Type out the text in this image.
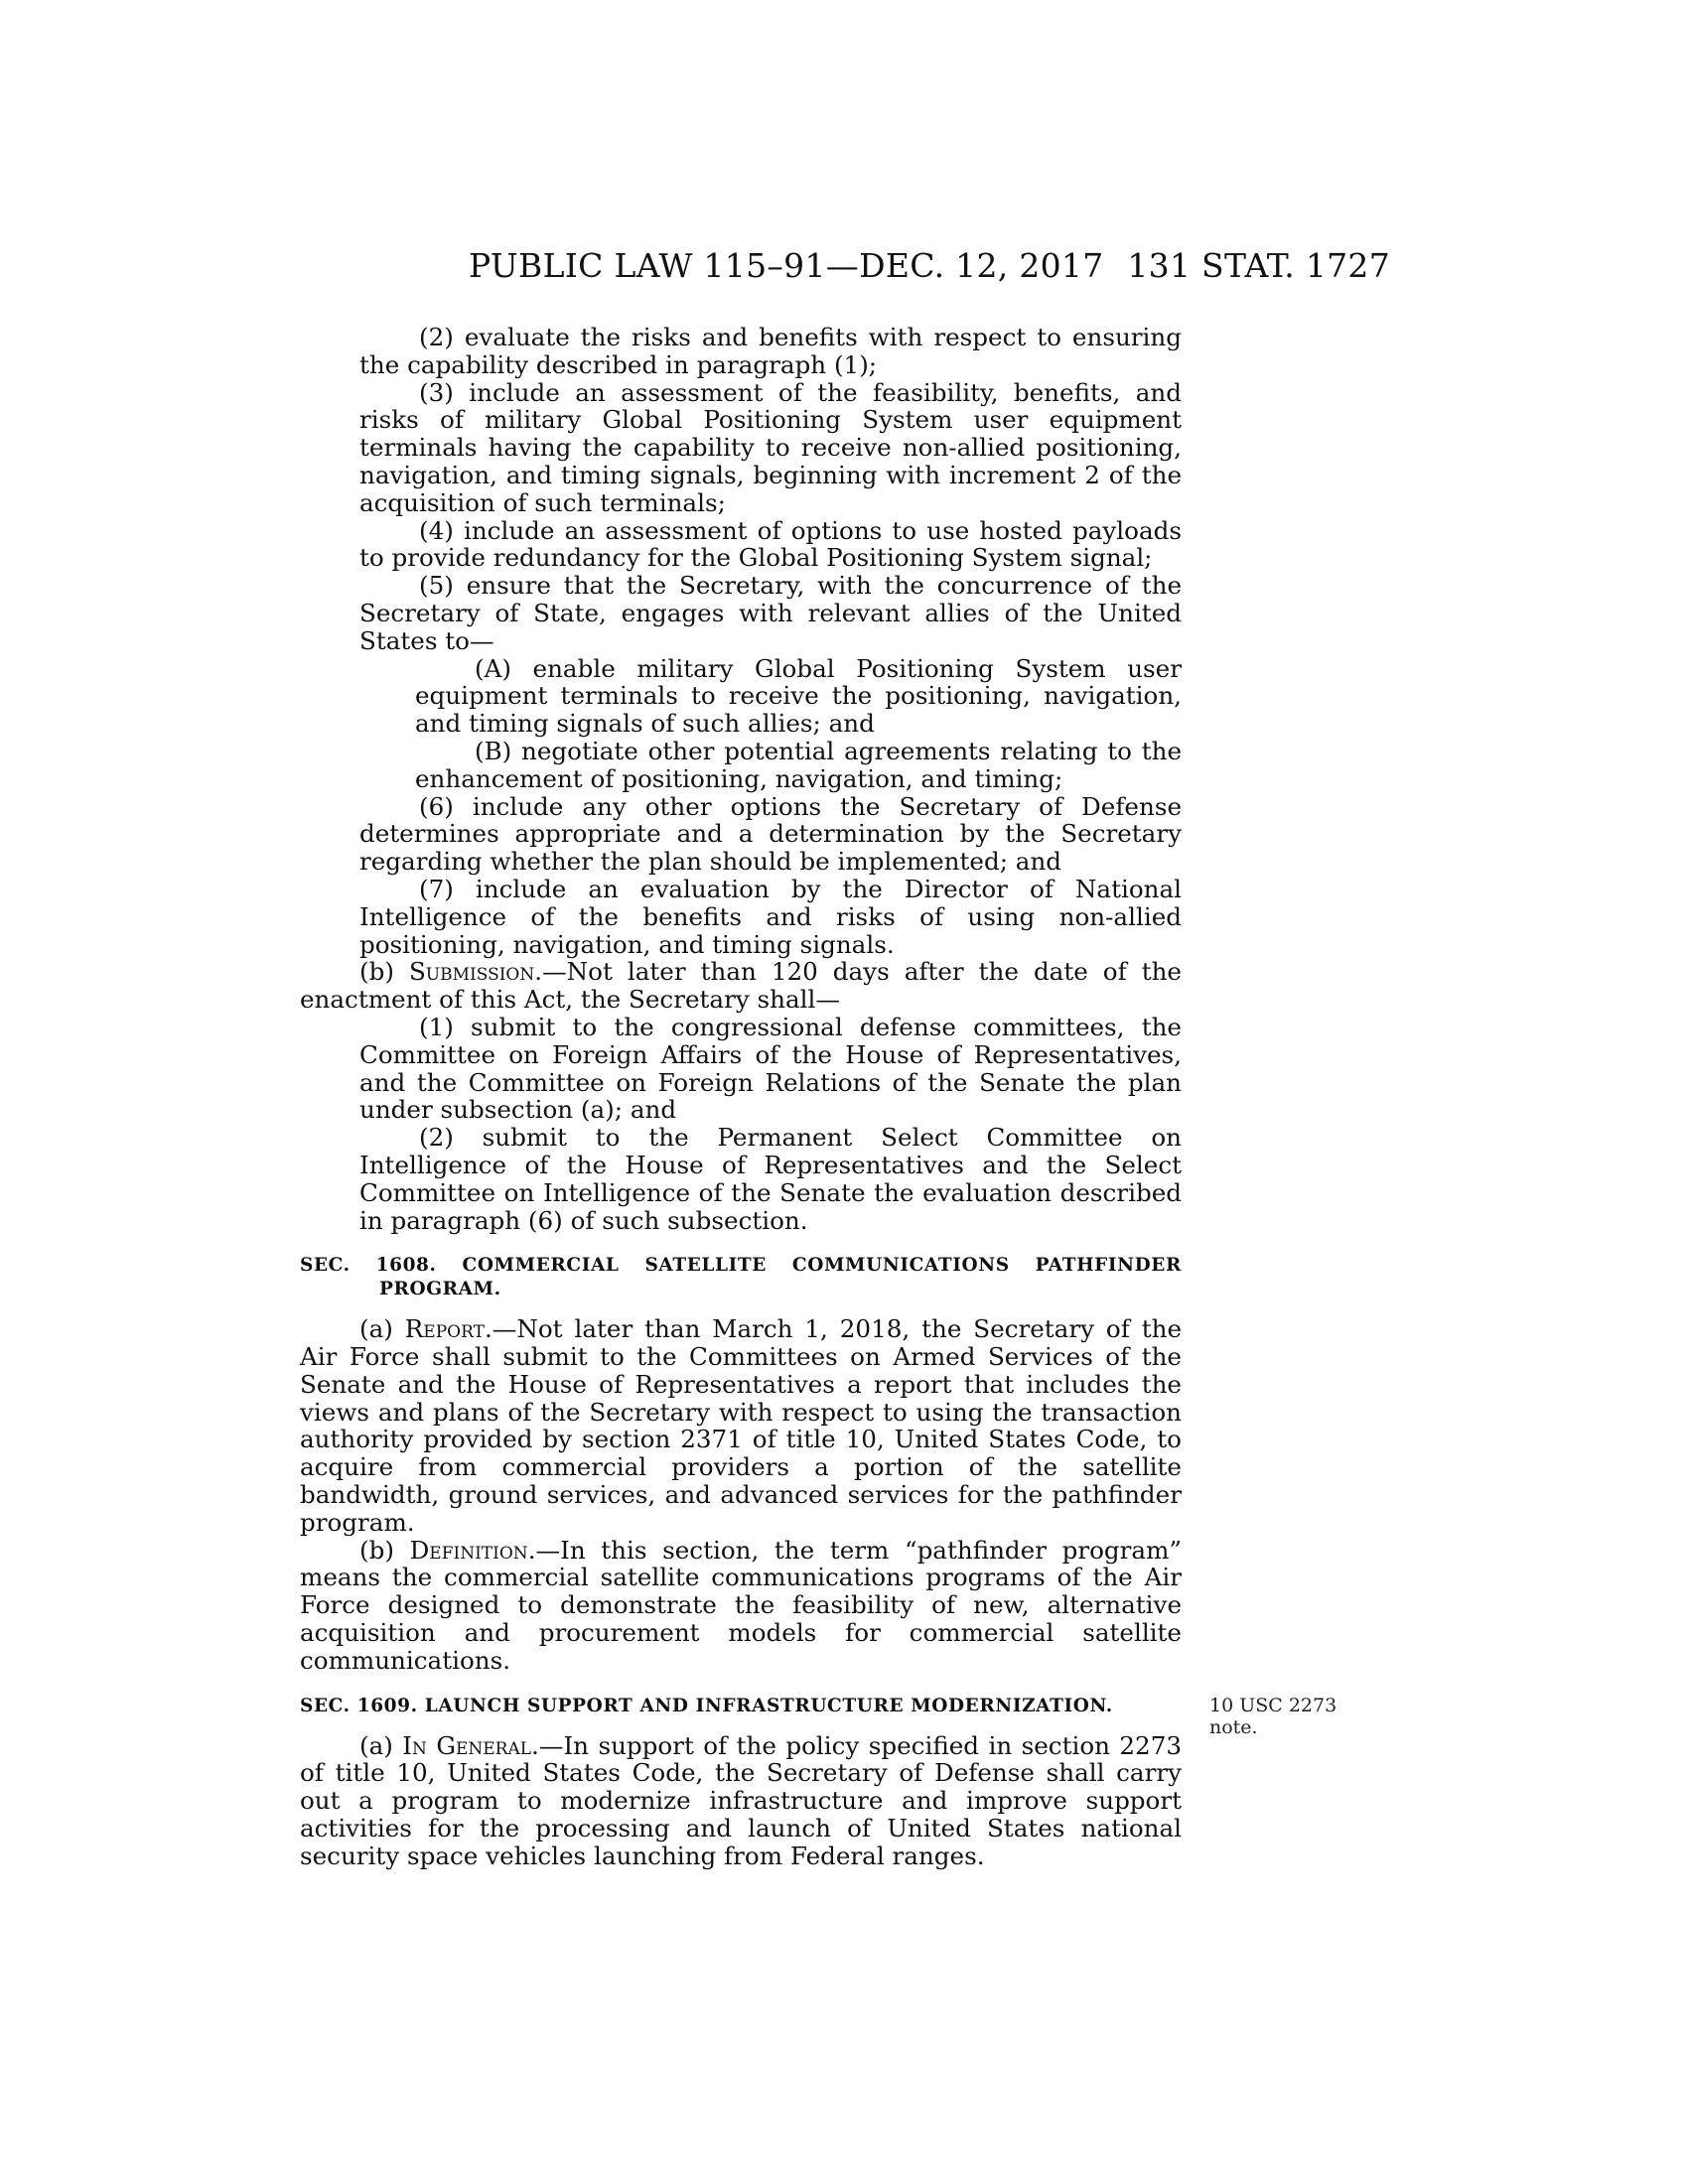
PUBLIC LAW 115–91—DEC. 12, 2017 131 STAT. 1727

(2) evaluate the risks and benefits with respect to ensuring the capability described in paragraph (1);

(3) include an assessment of the feasibility, benefits, and risks of military Global Positioning System user equipment terminals having the capability to receive non-allied positioning, navigation, and timing signals, beginning with increment 2 of the acquisition of such terminals;

(4) include an assessment of options to use hosted payloads to provide redundancy for the Global Positioning System signal;

(5) ensure that the Secretary, with the concurrence of the Secretary of State, engages with relevant allies of the United States to—

(A) enable military Global Positioning System user equipment terminals to receive the positioning, navigation, and timing signals of such allies; and

(B) negotiate other potential agreements relating to the enhancement of positioning, navigation, and timing;

(6) include any other options the Secretary of Defense determines appropriate and a determination by the Secretary regarding whether the plan should be implemented; and

(7) include an evaluation by the Director of National Intelligence of the benefits and risks of using non-allied positioning, navigation, and timing signals.

(b) Submission.—Not later than 120 days after the date of the enactment of this Act, the Secretary shall—

(1) submit to the congressional defense committees, the Committee on Foreign Affairs of the House of Representatives, and the Committee on Foreign Relations of the Senate the plan under subsection (a); and

(2) submit to the Permanent Select Committee on Intelligence of the House of Representatives and the Select Committee on Intelligence of the Senate the evaluation described in paragraph (6) of such subsection.

SEC. 1608. COMMERCIAL SATELLITE COMMUNICATIONS PATHFINDER PROGRAM.

(a) Report.—Not later than March 1, 2018, the Secretary of the Air Force shall submit to the Committees on Armed Services of the Senate and the House of Representatives a report that includes the views and plans of the Secretary with respect to using the transaction authority provided by section 2371 of title 10, United States Code, to acquire from commercial providers a portion of the satellite bandwidth, ground services, and advanced services for the pathfinder program.

(b) Definition.—In this section, the term “pathfinder program” means the commercial satellite communications programs of the Air Force designed to demonstrate the feasibility of new, alternative acquisition and procurement models for commercial satellite communications.

SEC. 1609. LAUNCH SUPPORT AND INFRASTRUCTURE MODERNIZATION.

(a) In General.—In support of the policy specified in section 2273 of title 10, United States Code, the Secretary of Defense shall carry out a program to modernize infrastructure and improve support activities for the processing and launch of United States national security space vehicles launching from Federal ranges.

10 USC 2273 note.
